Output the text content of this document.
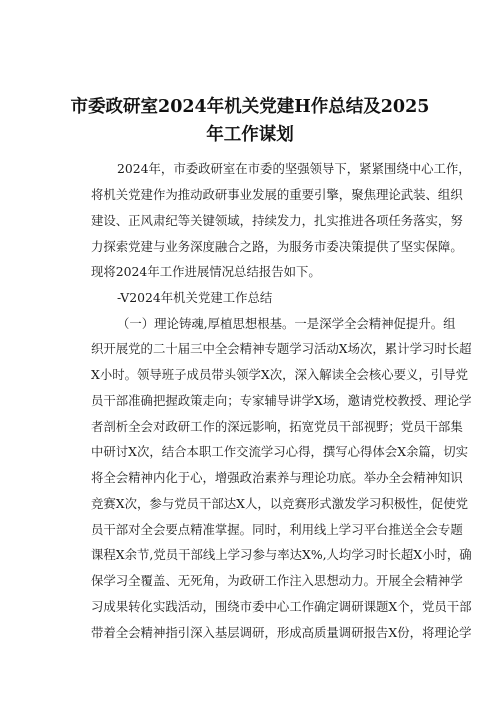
市委政研室2024年机关党建H作总结及2025
年工作谋划
2024年，市委政研室在市委的坚强领导下，紧紧围绕中心工作，
将机关党建作为推动政研事业发展的重要引擎，聚焦理论武装、组织
建设、正风肃纪等关键领域，持续发力，扎实推进各项任务落实，努
力探索党建与业务深度融合之路，为服务市委决策提供了坚实保障。
现将2024年工作进展情况总结报告如下。
-V2024年机关党建工作总结
（一）理论铸魂,厚植思想根基。一是深学全会精神促提升。组
织开展党的二十届三中全会精神专题学习活动X场次，累计学习时长超
X小时。领导班子成员带头领学X次，深入解读全会核心要义，引导党
员干部准确把握政策走向；专家辅导讲学X场，邀请党校教授、理论学
者剖析全会对政研工作的深远影响，拓宽党员干部视野；党员干部集
中研讨X次，结合本职工作交流学习心得，撰写心得体会X余篇，切实
将全会精神内化于心，增强政治素养与理论功底。举办全会精神知识
竞赛X次，参与党员干部达X人，以竞赛形式激发学习积极性，促使党
员干部对全会要点精准掌握。同时，利用线上学习平台推送全会专题
课程X余节,党员干部线上学习参与率达X%,人均学习时长超X小时，确
保学习全覆盖、无死角，为政研工作注入思想动力。开展全会精神学
习成果转化实践活动，围绕市委中心工作确定调研课题X个，党员干部
带着全会精神指引深入基层调研，形成高质量调研报告X份，将理论学
